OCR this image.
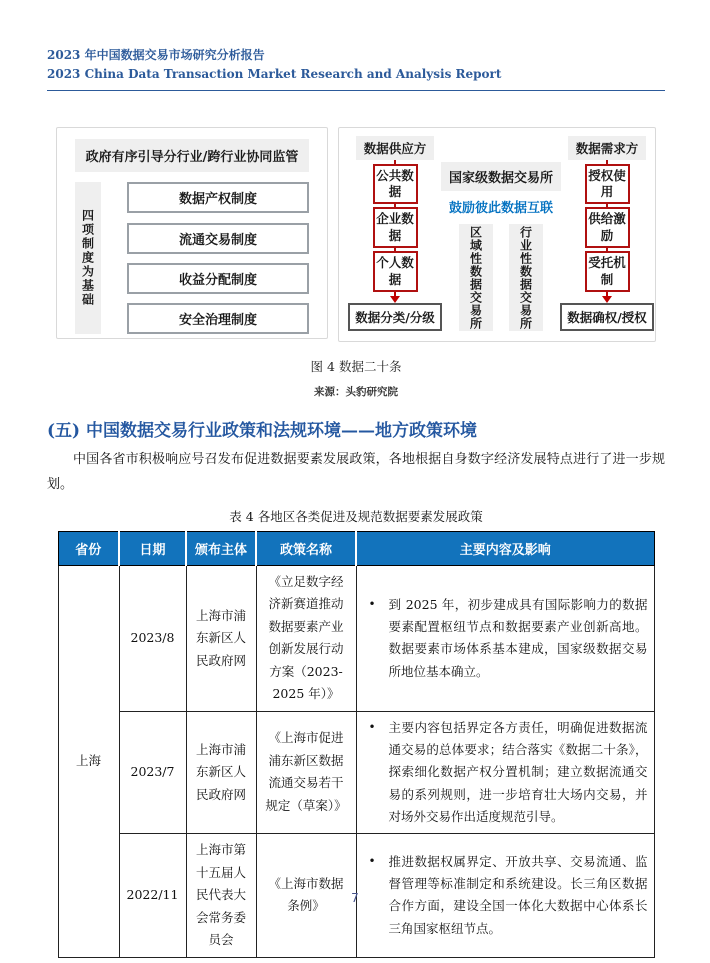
2023 年中国数据交易市场研究分析报告
2023 China Data Transaction Market Research and Analysis Report
政府有序引导分行业/跨行业协同监管
四项制度为基础
数据产权制度
流通交易制度
收益分配制度
安全治理制度
数据供应方
公共数据
企业数据
个人数据
数据分类/分级
国家级数据交易所
鼓励彼此数据互联
区域性数据交易所	行业性数据交易所
数据需求方
授权使用
供给激励
受托机制
数据确权/授权
图 4 数据二十条
来源：头豹研究院
(五) 中国数据交易行业政策和法规环境——地方政策环境

中国各省市积极响应号召发布促进数据要素发展政策，各地根据自身数字经济发展特点进行了进一步规划。

表 4 各地区各类促进及规范数据要素发展政策
省份	日期	颁布主体	政策名称	主要内容及影响
上海	2023/8	上海市浦东新区人民政府网	《立足数字经济新赛道推动数据要素产业创新发展行动方案（2023-2025 年）》	• 到 2025 年，初步建成具有国际影响力的数据要素配置枢纽节点和数据要素产业创新高地。数据要素市场体系基本建成，国家级数据交易所地位基本确立。

	2023/7	上海市浦东新区人民政府网	《上海市促进浦东新区数据流通交易若干规定（草案）》	• 主要内容包括界定各方责任，明确促进数据流通交易的总体要求；结合落实《数据二十条》，探索细化数据产权分置机制；建立数据流通交易的系列规则，进一步培育壮大场内交易，并对场外交易作出适度规范引导。

	2022/11	上海市第十五届人民代表大会常务委员会	《上海市数据条例》	• 推进数据权属界定、开放共享、交易流通、监督管理等标准制定和系统建设。长三角区数据合作方面，建设全国一体化大数据中心体系长三角国家枢纽节点。
7
